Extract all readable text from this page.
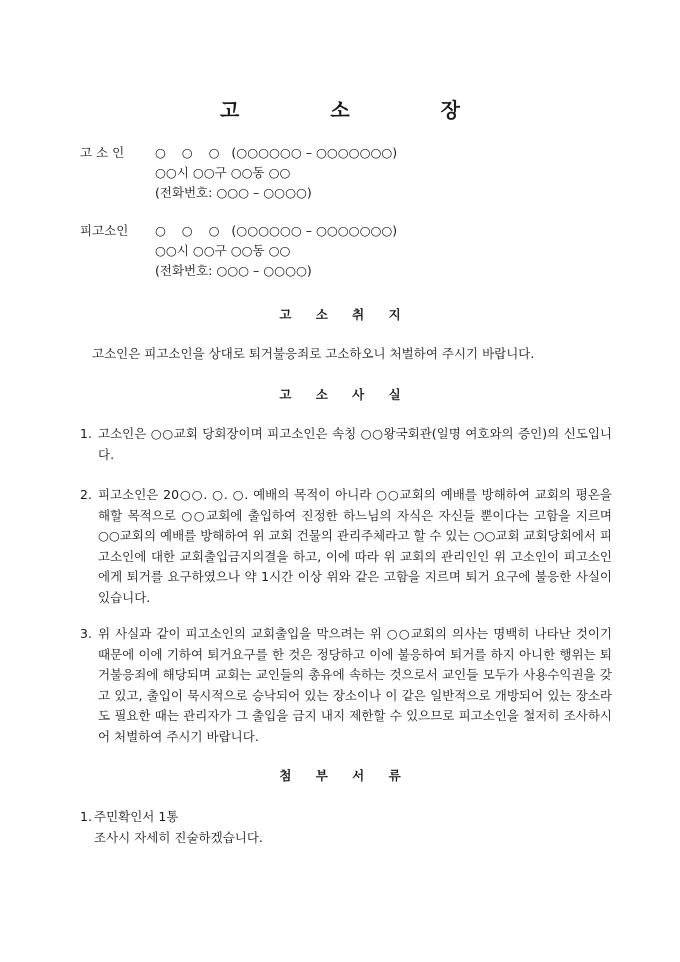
고 소 장
고 소 인 ○    ○    ○   (○○○○○○ – ○○○○○○○)
○○시 ○○구 ○○동 ○○
(전화번호: ○○○ – ○○○○)
피고소인 ○    ○    ○   (○○○○○○ – ○○○○○○○)
○○시 ○○구 ○○동 ○○
(전화번호: ○○○ – ○○○○)
고 소 취 지
고소인은 피고소인을 상대로 퇴거불응죄로 고소하오니 처벌하여 주시기 바랍니다.
고 소 사 실
1. 고소인은 ○○교회 당회장이며 피고소인은 속칭 ○○왕국회관(일명 여호와의 증인)의 신도입니다.
2. 피고소인은 20○○. ○. ○. 예배의 목적이 아니라 ○○교회의 예배를 방해하여 교회의 평온을 해할 목적으로 ○○교회에 출입하여 진정한 하느님의 자식은 자신들 뿐이다는 고함을 지르며 ○○교회의 예배를 방해하여 위 교회 건물의 관리주체라고 할 수 있는 ○○교회 교회당회에서 피고소인에 대한 교회출입금지의결을 하고, 이에 따라 위 교회의 관리인인 위 고소인이 피고소인에게 퇴거를 요구하였으나 약 1시간 이상 위와 같은 고함을 지르며 퇴거 요구에 불응한 사실이 있습니다.
3. 위 사실과 같이 피고소인의 교회출입을 막으려는 위 ○○교회의 의사는 명백히 나타난 것이기 때문에 이에 기하여 퇴거요구를 한 것은 정당하고 이에 불응하여 퇴거를 하지 아니한 행위는 퇴거불응죄에 해당되며 교회는 교인들의 총유에 속하는 것으로서 교인들 모두가 사용수익권을 갖고 있고, 출입이 묵시적으로 승낙되어 있는 장소이나 이 같은 일반적으로 개방되어 있는 장소라도 필요한 때는 관리자가 그 출입을 금지 내지 제한할 수 있으므로 피고소인을 철저히 조사하시어 처벌하여 주시기 바랍니다.
첨 부 서 류
1. 주민확인서 1통
조사시 자세히 진술하겠습니다.
